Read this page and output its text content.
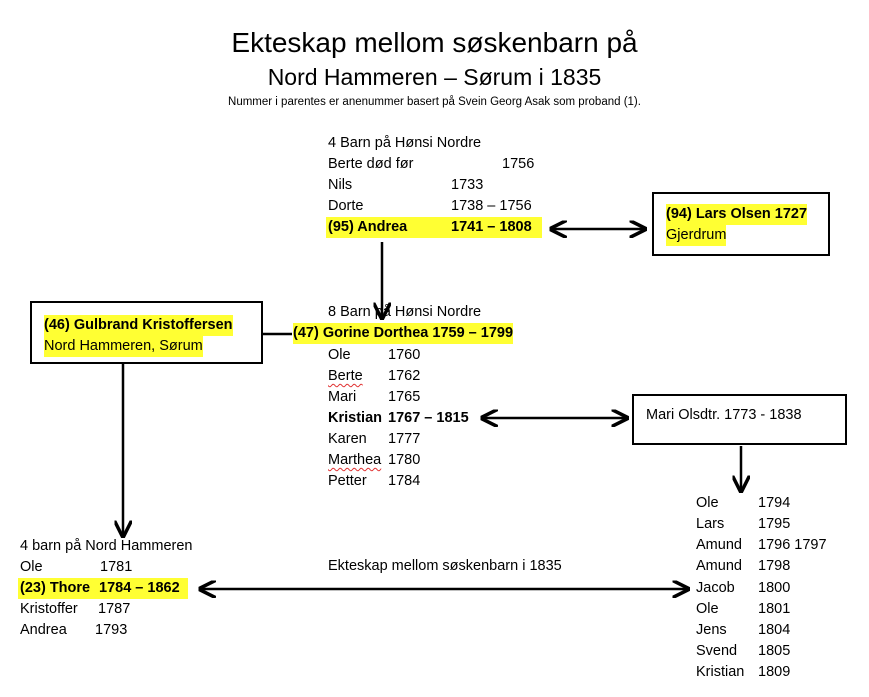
Ekteskap mellom søskenbarn på
Nord Hammeren – Sørum i 1835
Nummer i parentes er anenummer basert på Svein Georg Asak som proband (1).
4 Barn på Hønsi Nordre
Berte død før	1756
Nils	1733
Dorte	1738 – 1756
(95) Andrea	1741 – 1808
(94) Lars Olsen 1727
Gjerdrum
(46) Gulbrand Kristoffersen
Nord Hammeren, Sørum
8 Barn på Hønsi Nordre
(47) Gorine Dorthea 1759 – 1799
Ole	1760
Berte 1762
Mari 1765
Kristian 1767 – 1815
Karen 1777
Marthea 1780
Petter 1784
Mari Olsdtr. 1773 - 1838
Ole	1794
Lars 1795
Amund 1796 1797
Amund 1798
Jacob 1800
Ole	1801
Jens 1804
Svend 1805
Kristian 1809
4 barn på Nord Hammeren
Ole	1781
(23) Thore 1784 – 1862
Kristoffer 1787
Andrea 1793
Ekteskap mellom søskenbarn i 1835
